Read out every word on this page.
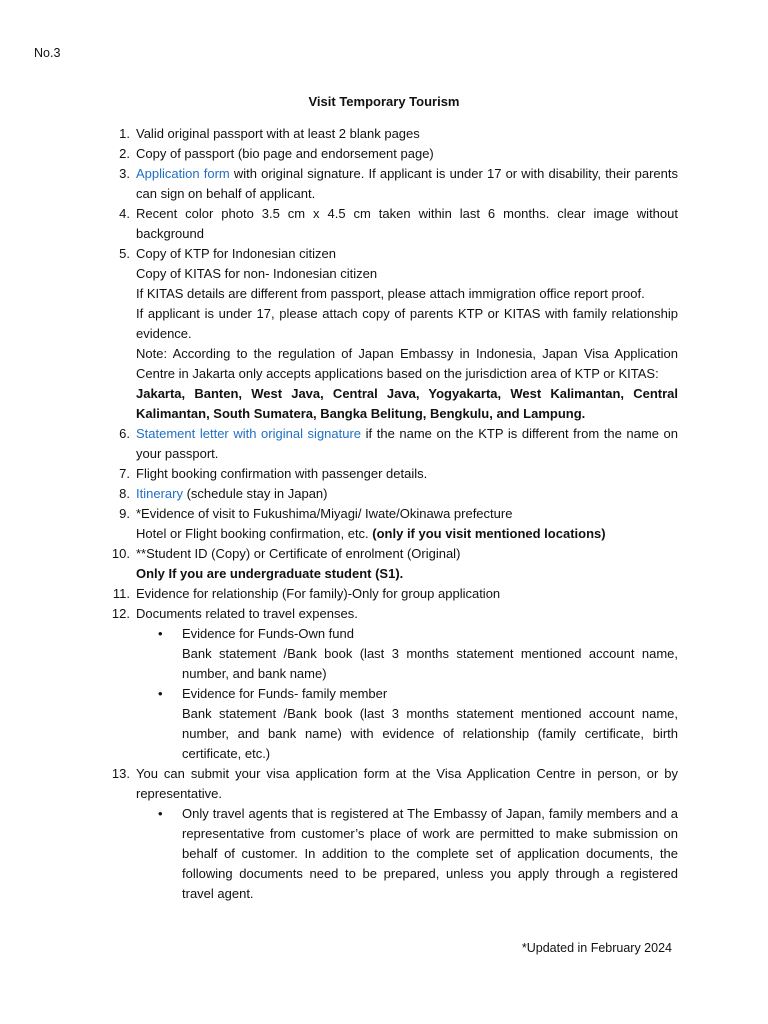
No.3
Visit Temporary Tourism
1. Valid original passport with at least 2 blank pages
2. Copy of passport (bio page and endorsement page)
3. Application form with original signature. If applicant is under 17 or with disability, their parents can sign on behalf of applicant.
4. Recent color photo 3.5 cm x 4.5 cm taken within last 6 months. clear image without background
5. Copy of KTP for Indonesian citizen
Copy of KITAS for non- Indonesian citizen
If KITAS details are different from passport, please attach immigration office report proof.
If applicant is under 17, please attach copy of parents KTP or KITAS with family relationship evidence.
Note: According to the regulation of Japan Embassy in Indonesia, Japan Visa Application Centre in Jakarta only accepts applications based on the jurisdiction area of KTP or KITAS:
Jakarta, Banten, West Java, Central Java, Yogyakarta, West Kalimantan, Central Kalimantan, South Sumatera, Bangka Belitung, Bengkulu, and Lampung.
6. Statement letter with original signature if the name on the KTP is different from the name on your passport.
7. Flight booking confirmation with passenger details.
8. Itinerary (schedule stay in Japan)
9. *Evidence of visit to Fukushima/Miyagi/ Iwate/Okinawa prefecture
Hotel or Flight booking confirmation, etc. (only if you visit mentioned locations)
10. **Student ID (Copy) or Certificate of enrolment (Original)
Only If you are undergraduate student (S1).
11. Evidence for relationship (For family)-Only for group application
12. Documents related to travel expenses.
• Evidence for Funds-Own fund
Bank statement /Bank book (last 3 months statement mentioned account name, number, and bank name)
• Evidence for Funds- family member
Bank statement /Bank book (last 3 months statement mentioned account name, number, and bank name) with evidence of relationship (family certificate, birth certificate, etc.)
13. You can submit your visa application form at the Visa Application Centre in person, or by representative.
• Only travel agents that is registered at The Embassy of Japan, family members and a representative from customer’s place of work are permitted to make submission on behalf of customer. In addition to the complete set of application documents, the following documents need to be prepared, unless you apply through a registered travel agent.
*Updated in February 2024
